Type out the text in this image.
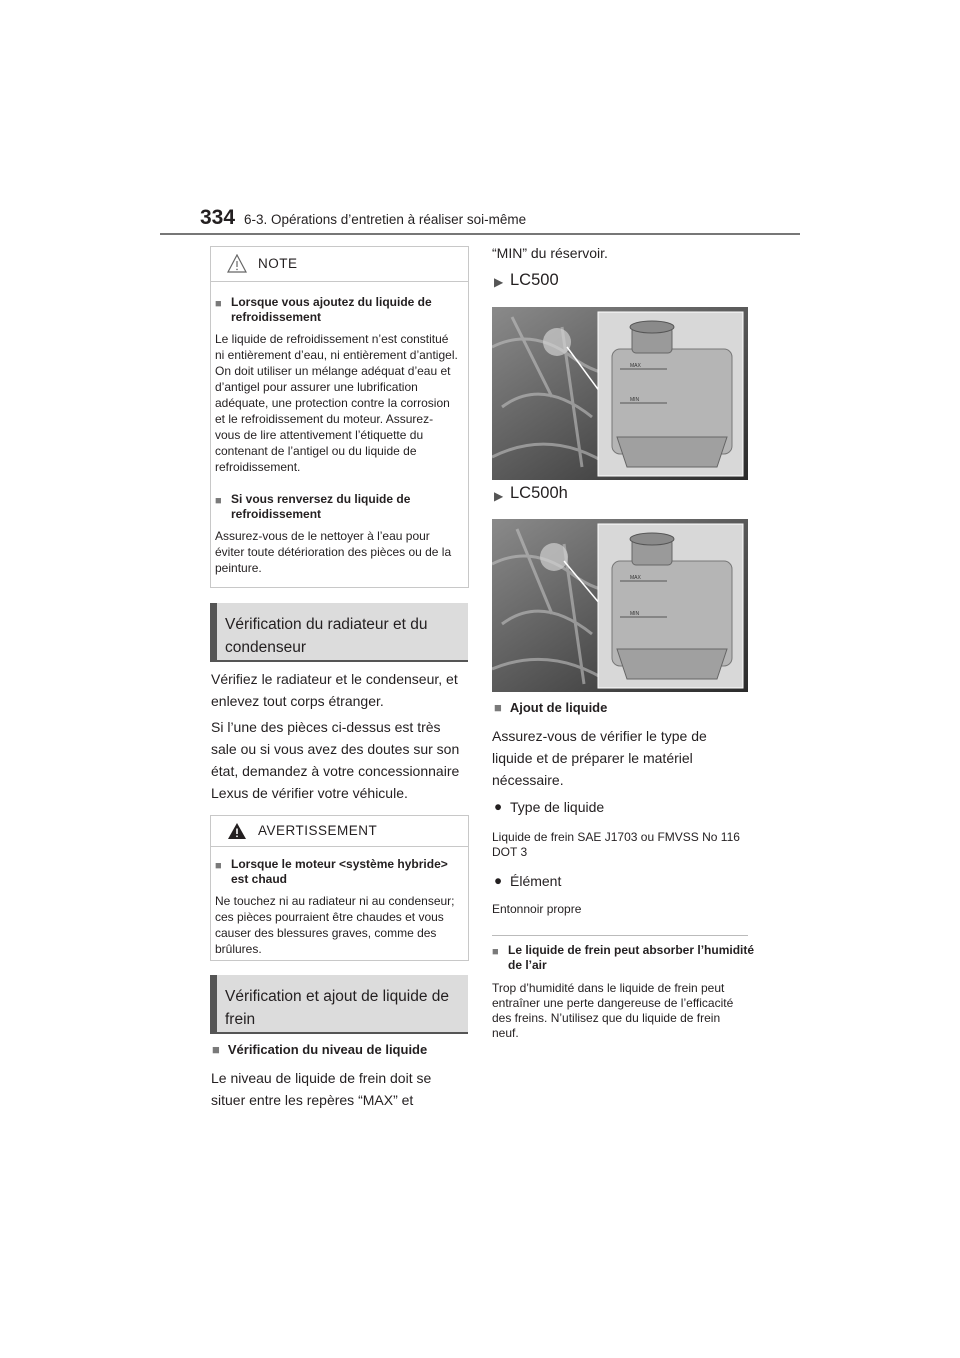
334 6-3. Opérations d’entretien à réaliser soi-même
NOTE
■ Lorsque vous ajoutez du liquide de refroidissement
Le liquide de refroidissement n’est constitué ni entièrement d’eau, ni entièrement d’antigel. On doit utiliser un mélange adéquat d’eau et d’antigel pour assurer une lubrification adéquate, une protection contre la corrosion et le refroidissement du moteur. Assurez-vous de lire attentivement l’étiquette du contenant de l’antigel ou du liquide de refroidissement.
■ Si vous renversez du liquide de refroidissement
Assurez-vous de le nettoyer à l’eau pour éviter toute détérioration des pièces ou de la peinture.
Vérification du radiateur et du condenseur
Vérifiez le radiateur et le condenseur, et enlevez tout corps étranger.
Si l’une des pièces ci-dessus est très sale ou si vous avez des doutes sur son état, demandez à votre concessionnaire Lexus de vérifier votre véhicule.
AVERTISSEMENT
■ Lorsque le moteur <système hybride> est chaud
Ne touchez ni au radiateur ni au condenseur; ces pièces pourraient être chaudes et vous causer des blessures graves, comme des brûlures.
Vérification et ajout de liquide de frein
■ Vérification du niveau de liquide
Le niveau de liquide de frein doit se situer entre les repères “MAX” et
“MIN” du réservoir.
▶ LC500
MAX
MIN
▶ LC500h
MAX
MIN
■ Ajout de liquide
Assurez-vous de vérifier le type de liquide et de préparer le matériel nécessaire.
● Type de liquide
Liquide de frein SAE J1703 ou FMVSS No 116 DOT 3
● Élément
Entonnoir propre
■ Le liquide de frein peut absorber l’humidité de l’air
Trop d’humidité dans le liquide de frein peut entraîner une perte dangereuse de l’efficacité des freins. N’utilisez que du liquide de frein neuf.
